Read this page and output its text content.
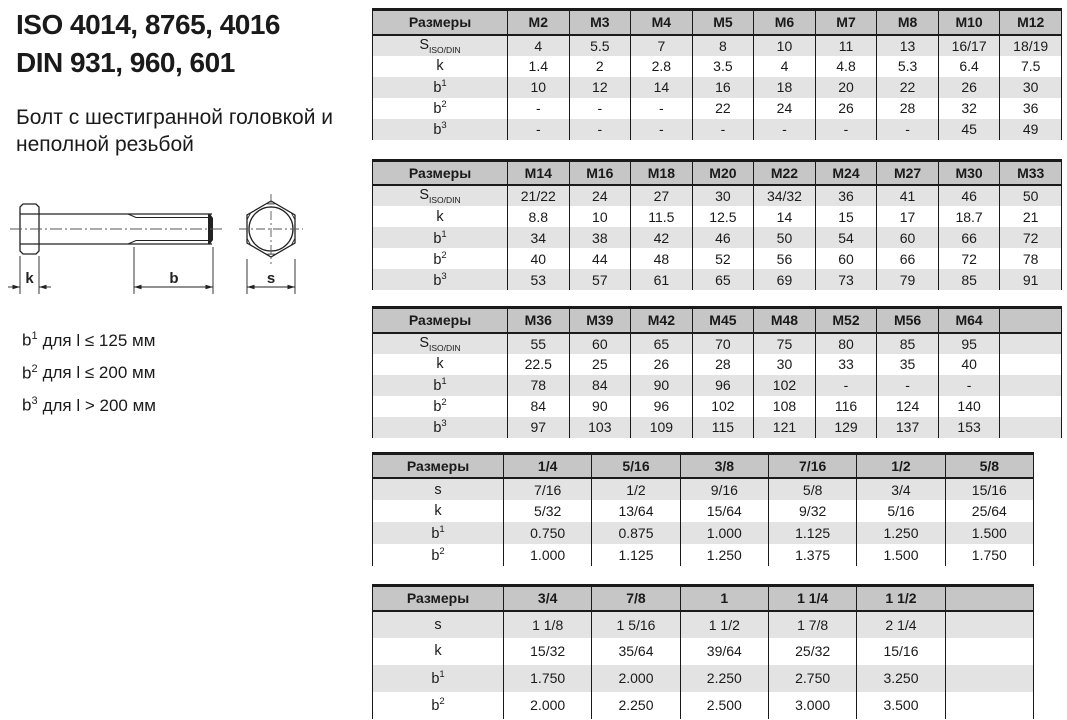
ISO 4014, 8765, 4016
DIN 931, 960, 601
Болт с шестигранной головкой и неполной резьбой
k	b	s
$b^1$ для l ≤ 125 мм
$b^2$ для l ≤ 200 мм
$b^3$ для l > 200 мм
Размеры	M2	M3	M4	M5	M6	M7	M8	M10	M12
$S_{ISO/DIN}$	4	5.5	7	8	10	11	13	16/17	18/19
k	1.4	2	2.8	3.5	4	4.8	5.3	6.4	7.5
$b^1$	10	12	14	16	18	20	22	26	30
$b^2$	-	-	-	22	24	26	28	32	36
$b^3$	-	-	-	-	-	-	-	45	49
Размеры	M14	M16	M18	M20	M22	M24	M27	M30	M33
$S_{ISO/DIN}$	21/22	24	27	30	34/32	36	41	46	50
k	8.8	10	11.5	12.5	14	15	17	18.7	21
$b^1$	34	38	42	46	50	54	60	66	72
$b^2$	40	44	48	52	56	60	66	72	78
$b^3$	53	57	61	65	69	73	79	85	91
Размеры	M36	M39	M42	M45	M48	M52	M56	M64	
$S_{ISO/DIN}$	55	60	65	70	75	80	85	95	
k	22.5	25	26	28	30	33	35	40	
$b^1$	78	84	90	96	102	-	-	-	
$b^2$	84	90	96	102	108	116	124	140	
$b^3$	97	103	109	115	121	129	137	153	
Размеры	1/4	5/16	3/8	7/16	1/2	5/8
s	7/16	1/2	9/16	5/8	3/4	15/16
k	5/32	13/64	15/64	9/32	5/16	25/64
$b^1$	0.750	0.875	1.000	1.125	1.250	1.500
$b^2$	1.000	1.125	1.250	1.375	1.500	1.750
Размеры	3/4	7/8	1	1 1/4	1 1/2	
s	1 1/8	1 5/16	1 1/2	1 7/8	2 1/4	
k	15/32	35/64	39/64	25/32	15/16	
$b^1$	1.750	2.000	2.250	2.750	3.250	
$b^2$	2.000	2.250	2.500	3.000	3.500	
